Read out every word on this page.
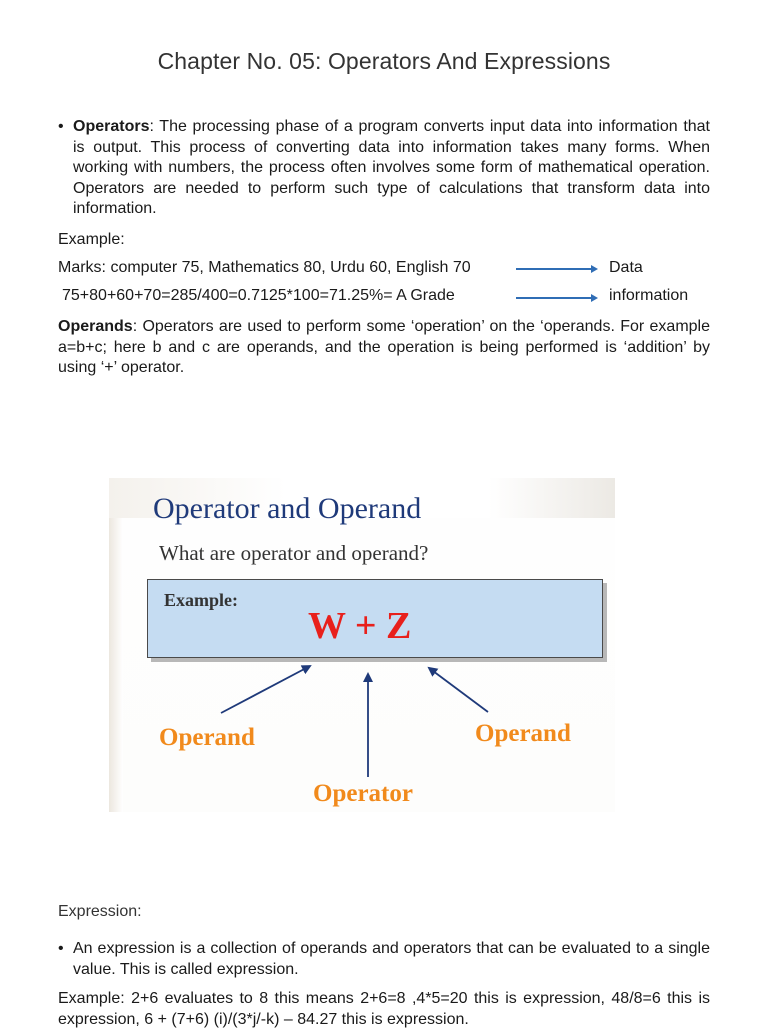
Chapter No. 05: Operators And Expressions
• Operators: The processing phase of a program converts input data into information that is output. This process of converting data into information takes many forms. When working with numbers, the process often involves some form of mathematical operation. Operators are needed to perform such type of calculations that transform data into information.
Example:
Marks: computer 75, Mathematics 80, Urdu 60, English 70	Data
75+80+60+70=285/400=0.7125*100=71.25%= A Grade	information
Operands: Operators are used to perform some ‘operation’ on the ‘operands. For example a=b+c; here b and c are operands, and the operation is being performed is ‘addition’ by using ‘+’ operator.
Operator and Operand
What are operator and operand?
Example:
W + Z
Operand	Operand
Operator
Expression:
• An expression is a collection of operands and operators that can be evaluated to a single value. This is called expression.
Example: 2+6 evaluates to 8 this means 2+6=8 ,4*5=20 this is expression, 48/8=6 this is expression, 6 + (7+6) (i)/(3*j/-k) – 84.27 this is expression.
